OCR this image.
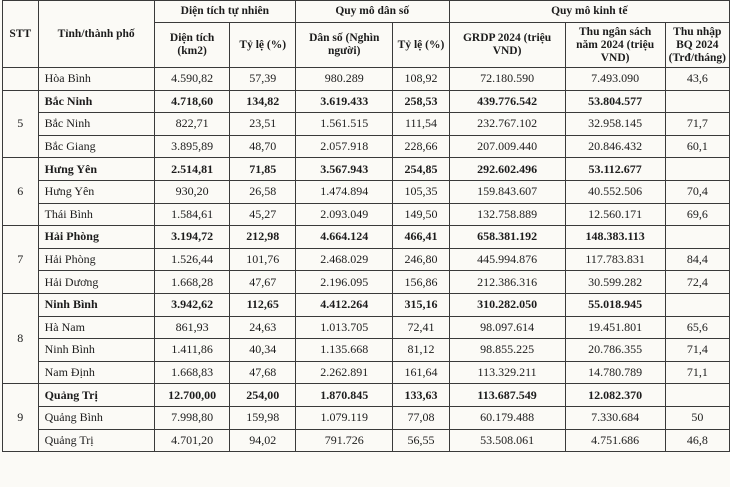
STT	Tỉnh/thành phố	Diện tích tự nhiên		Quy mô dân số		Quy mô kinh tế		
		Diện tích (km2)	Tỷ lệ (%)	Dân số (Nghìn người)	Tỷ lệ (%)	GRDP 2024 (triệu VND)	Thu ngân sách năm 2024 (triệu VND)	Thu nhập BQ 2024 (Trđ/tháng)
	Hòa Bình	4.590,82	57,39	980.289	108,92	72.180.590	7.493.090	43,6
5	Bắc Ninh	4.718,60	134,82	3.619.433	258,53	439.776.542	53.804.577	
	Bắc Ninh	822,71	23,51	1.561.515	111,54	232.767.102	32.958.145	71,7
	Bắc Giang	3.895,89	48,70	2.057.918	228,66	207.009.440	20.846.432	60,1
6	Hưng Yên	2.514,81	71,85	3.567.943	254,85	292.602.496	53.112.677	
	Hưng Yên	930,20	26,58	1.474.894	105,35	159.843.607	40.552.506	70,4
	Thái Bình	1.584,61	45,27	2.093.049	149,50	132.758.889	12.560.171	69,6
7	Hải Phòng	3.194,72	212,98	4.664.124	466,41	658.381.192	148.383.113	
	Hải Phòng	1.526,44	101,76	2.468.029	246,80	445.994.876	117.783.831	84,4
	Hải Dương	1.668,28	47,67	2.196.095	156,86	212.386.316	30.599.282	72,4
8	Ninh Bình	3.942,62	112,65	4.412.264	315,16	310.282.050	55.018.945	
	Hà Nam	861,93	24,63	1.013.705	72,41	98.097.614	19.451.801	65,6
	Ninh Bình	1.411,86	40,34	1.135.668	81,12	98.855.225	20.786.355	71,4
	Nam Định	1.668,83	47,68	2.262.891	161,64	113.329.211	14.780.789	71,1
9	Quảng Trị	12.700,00	254,00	1.870.845	133,63	113.687.549	12.082.370	
	Quảng Bình	7.998,80	159,98	1.079.119	77,08	60.179.488	7.330.684	50
	Quảng Trị	4.701,20	94,02	791.726	56,55	53.508.061	4.751.686	46,8
